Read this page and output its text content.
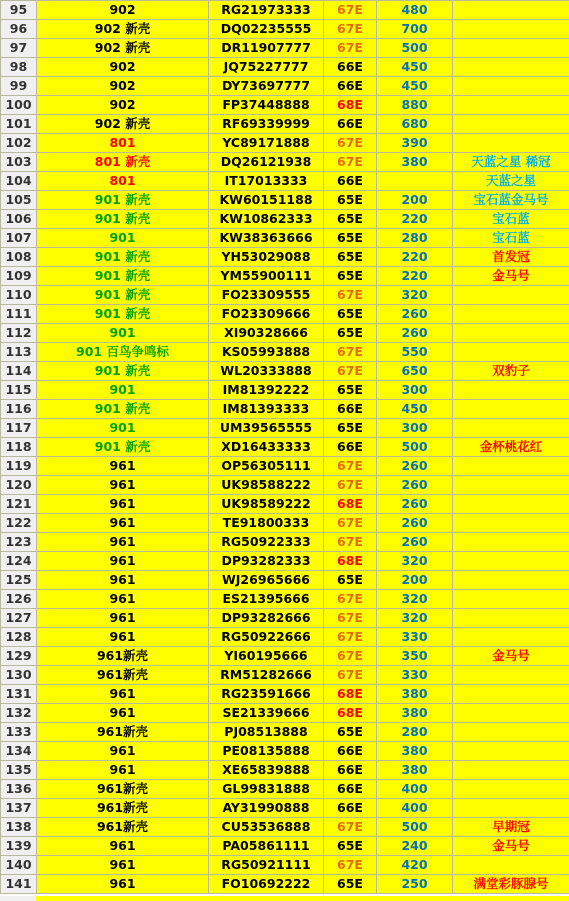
95	902	RG21973333	67E	480	
96	902 新壳	DQ02235555	67E	700	
97	902 新壳	DR11907777	67E	500	
98	902	JQ75227777	66E	450	
99	902	DY73697777	66E	450	
100	902	FP37448888	68E	880	
101	902 新壳	RF69339999	66E	680	
102	801	YC89171888	67E	390	
103	801 新壳	DQ26121938	67E	380	天蓝之星 稀冠
104	801	IT17013333	66E		天蓝之星
105	901 新壳	KW60151188	65E	200	宝石蓝金马号
106	901 新壳	KW10862333	65E	220	宝石蓝
107	901	KW38363666	65E	280	宝石蓝
108	901 新壳	YH53029088	65E	220	首发冠
109	901 新壳	YM55900111	65E	220	金马号
110	901 新壳	FO23309555	67E	320	
111	901 新壳	FO23309666	65E	260	
112	901	XI90328666	65E	260	
113	901 百鸟争鸣标	KS05993888	67E	550	
114	901 新壳	WL20333888	67E	650	双豹子
115	901	IM81392222	65E	300	
116	901 新壳	IM81393333	66E	450	
117	901	UM39565555	65E	300	
118	901 新壳	XD16433333	66E	500	金杯桃花红
119	961	OP56305111	67E	260	
120	961	UK98588222	67E	260	
121	961	UK98589222	68E	260	
122	961	TE91800333	67E	260	
123	961	RG50922333	67E	260	
124	961	DP93282333	68E	320	
125	961	WJ26965666	65E	200	
126	961	ES21395666	67E	320	
127	961	DP93282666	67E	320	
128	961	RG50922666	67E	330	
129	961新壳	YI60195666	67E	350	金马号
130	961新壳	RM51282666	67E	330	
131	961	RG23591666	68E	380	
132	961	SE21339666	68E	380	
133	961新壳	PJ08513888	65E	280	
134	961	PE08135888	66E	380	
135	961	XE65839888	66E	380	
136	961新壳	GL99831888	66E	400	
137	961新壳	AY31990888	66E	400	
138	961新壳	CU53536888	67E	500	早期冠
139	961	PA05861111	65E	240	金马号
140	961	RG50921111	67E	420	
141	961	FO10692222	65E	250	满堂彩豚腺号
